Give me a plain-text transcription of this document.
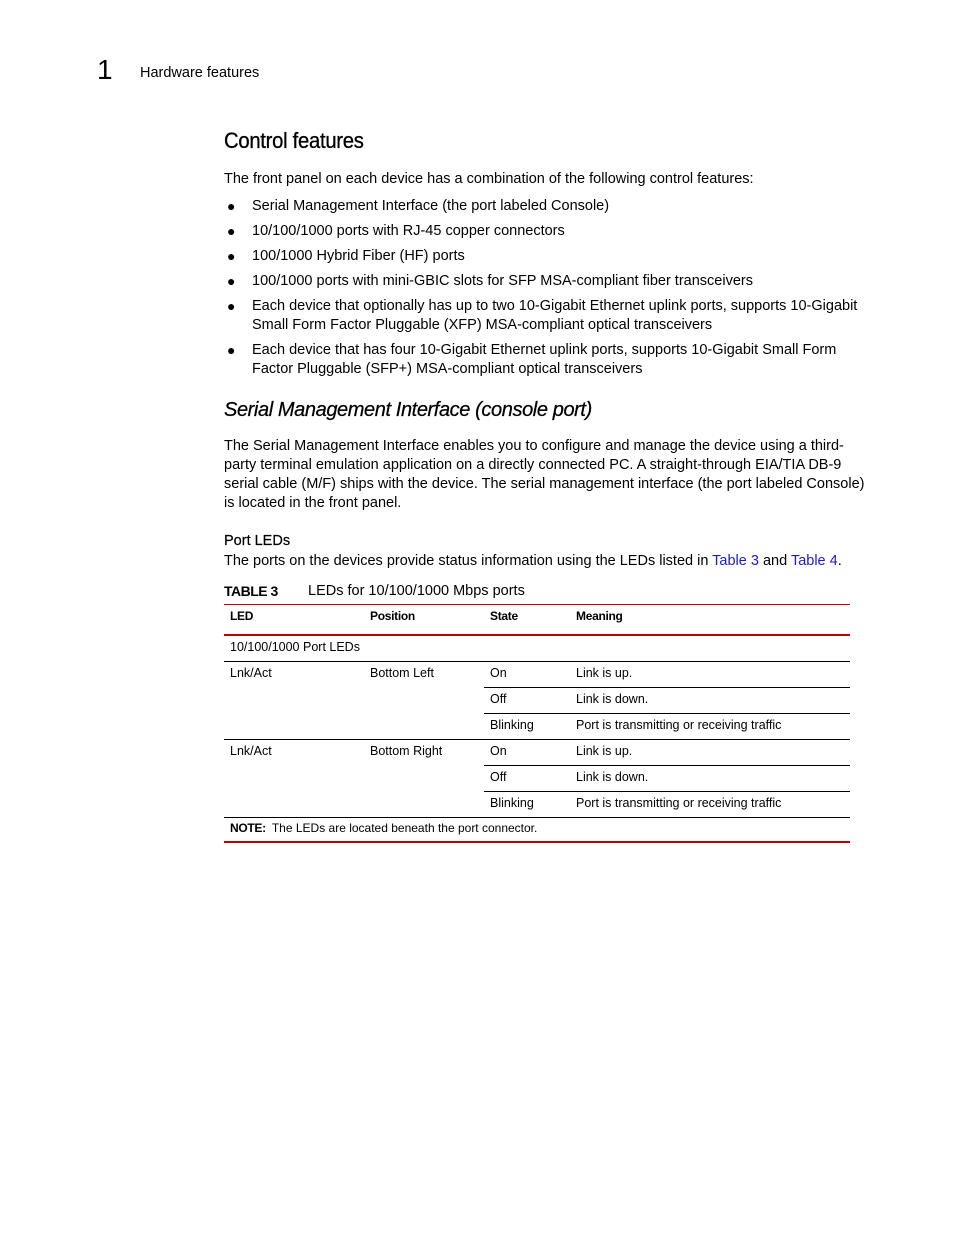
1 Hardware features
Control features

The front panel on each device has a combination of the following control features:

● Serial Management Interface (the port labeled Console)
● 10/100/1000 ports with RJ-45 copper connectors
● 100/1000 Hybrid Fiber (HF) ports
● 100/1000 ports with mini-GBIC slots for SFP MSA-compliant fiber transceivers
● Each device that optionally has up to two 10-Gigabit Ethernet uplink ports, supports 10-Gigabit Small Form Factor Pluggable (XFP) MSA-compliant optical transceivers
● Each device that has four 10-Gigabit Ethernet uplink ports, supports 10-Gigabit Small Form Factor Pluggable (SFP+) MSA-compliant optical transceivers
Serial Management Interface (console port)

The Serial Management Interface enables you to configure and manage the device using a third-party terminal emulation application on a directly connected PC. A straight-through EIA/TIA DB-9 serial cable (M/F) ships with the device. The serial management interface (the port labeled Console) is located in the front panel.

Port LEDs

The ports on the devices provide status information using the LEDs listed in Table 3 and Table 4.

TABLE 3 LEDs for 10/100/1000 Mbps ports
LED	Position	State	Meaning
10/100/1000 Port LEDs			
Lnk/Act	Bottom Left	On	Link is up.
		Off	Link is down.
		Blinking	Port is transmitting or receiving traffic
Lnk/Act	Bottom Right	On	Link is up.
		Off	Link is down.
		Blinking	Port is transmitting or receiving traffic
NOTE: The LEDs are located beneath the port connector.			
